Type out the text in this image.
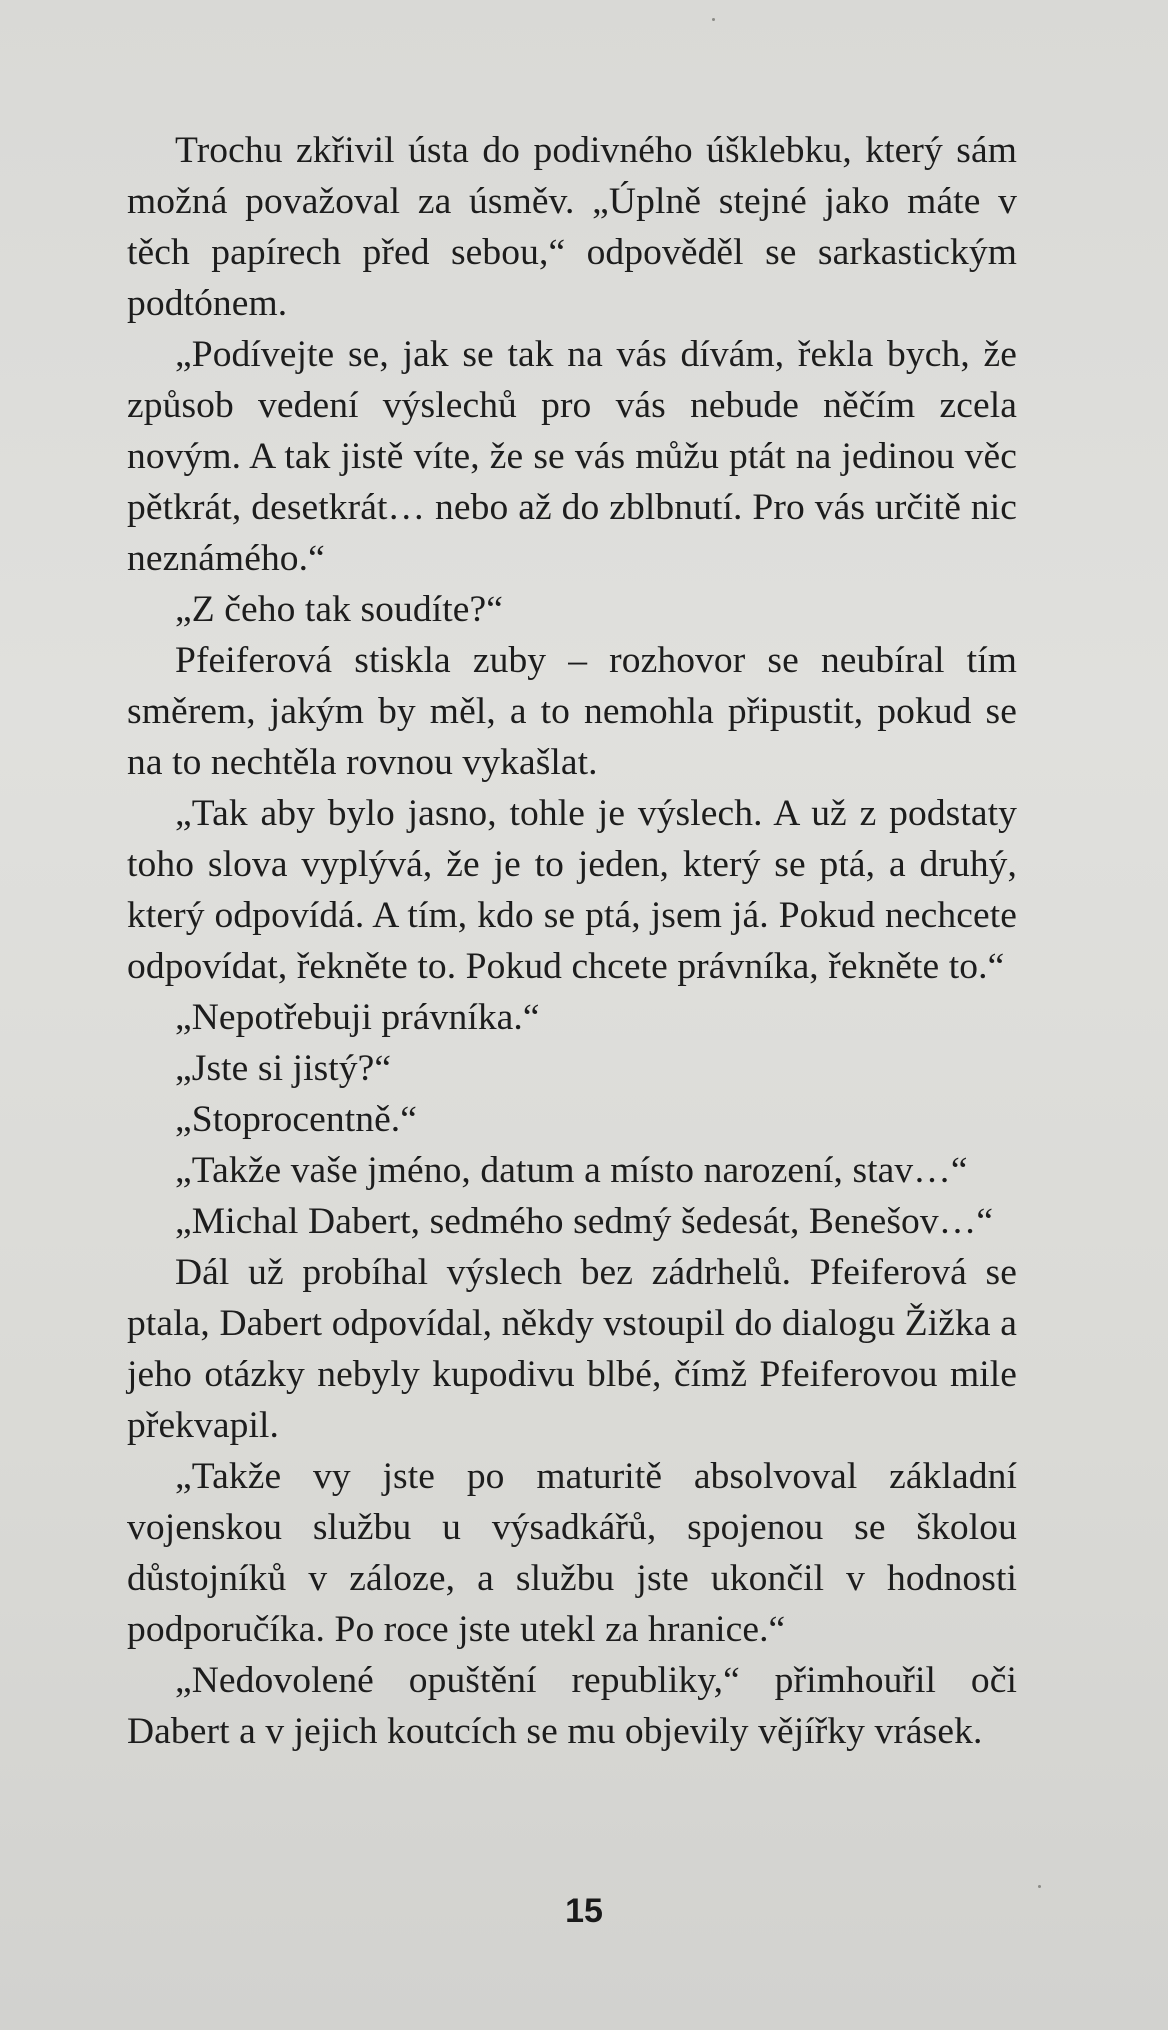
Trochu zkřivil ústa do podivného úšklebku, který sám možná považoval za úsměv. „Úplně stejné jako máte v těch papírech před sebou,“ odpověděl se sarkastickým podtónem.

„Podívejte se, jak se tak na vás dívám, řekla bych, že způsob vedení výslechů pro vás nebude něčím zcela novým. A tak jistě víte, že se vás můžu ptát na jedinou věc pětkrát, desetkrát… nebo až do zblbnutí. Pro vás určitě nic neznámého.“

„Z čeho tak soudíte?“

Pfeiferová stiskla zuby – rozhovor se neubíral tím směrem, jakým by měl, a to nemohla připustit, pokud se na to nechtěla rovnou vykašlat.

„Tak aby bylo jasno, tohle je výslech. A už z podstaty toho slova vyplývá, že je to jeden, který se ptá, a druhý, který odpovídá. A tím, kdo se ptá, jsem já. Pokud nechcete odpovídat, řekněte to. Pokud chcete právníka, řekněte to.“

„Nepotřebuji právníka.“

„Jste si jistý?“

„Stoprocentně.“

„Takže vaše jméno, datum a místo narození, stav…“

„Michal Dabert, sedmého sedmý šedesát, Benešov…“

Dál už probíhal výslech bez zádrhelů. Pfeiferová se ptala, Dabert odpovídal, někdy vstoupil do dialogu Žižka a jeho otázky nebyly kupodivu blbé, čímž Pfeiferovou mile překvapil.

„Takže vy jste po maturitě absolvoval základní vojenskou službu u výsadkářů, spojenou se školou důstojníků v záloze, a službu jste ukončil v hodnosti podporučíka. Po roce jste utekl za hranice.“

„Nedovolené opuštění republiky,“ přimhouřil oči Dabert a v jejich koutcích se mu objevily vějířky vrásek.

15
